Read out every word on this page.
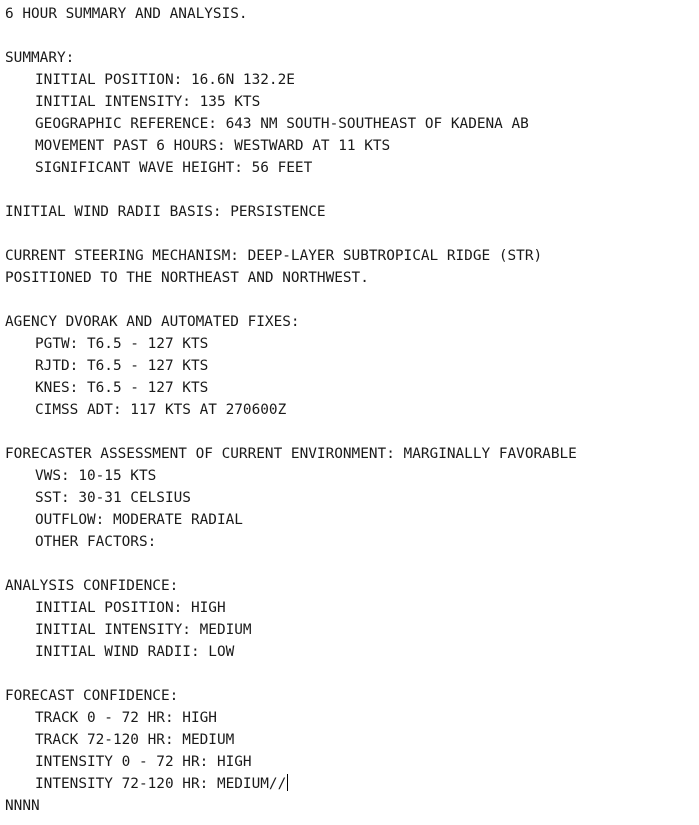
6 HOUR SUMMARY AND ANALYSIS.
SUMMARY:
INITIAL POSITION: 16.6N 132.2E
INITIAL INTENSITY: 135 KTS
GEOGRAPHIC REFERENCE: 643 NM SOUTH-SOUTHEAST OF KADENA AB
MOVEMENT PAST 6 HOURS: WESTWARD AT 11 KTS
SIGNIFICANT WAVE HEIGHT: 56 FEET
INITIAL WIND RADII BASIS: PERSISTENCE
CURRENT STEERING MECHANISM: DEEP-LAYER SUBTROPICAL RIDGE (STR)
POSITIONED TO THE NORTHEAST AND NORTHWEST.
AGENCY DVORAK AND AUTOMATED FIXES:
PGTW: T6.5 - 127 KTS
RJTD: T6.5 - 127 KTS
KNES: T6.5 - 127 KTS
CIMSS ADT: 117 KTS AT 270600Z
FORECASTER ASSESSMENT OF CURRENT ENVIRONMENT: MARGINALLY FAVORABLE
VWS: 10-15 KTS
SST: 30-31 CELSIUS
OUTFLOW: MODERATE RADIAL
OTHER FACTORS:
ANALYSIS CONFIDENCE:
INITIAL POSITION: HIGH
INITIAL INTENSITY: MEDIUM
INITIAL WIND RADII: LOW
FORECAST CONFIDENCE:
TRACK 0 - 72 HR: HIGH
TRACK 72-120 HR: MEDIUM
INTENSITY 0 - 72 HR: HIGH
INTENSITY 72-120 HR: MEDIUM//
NNNN
